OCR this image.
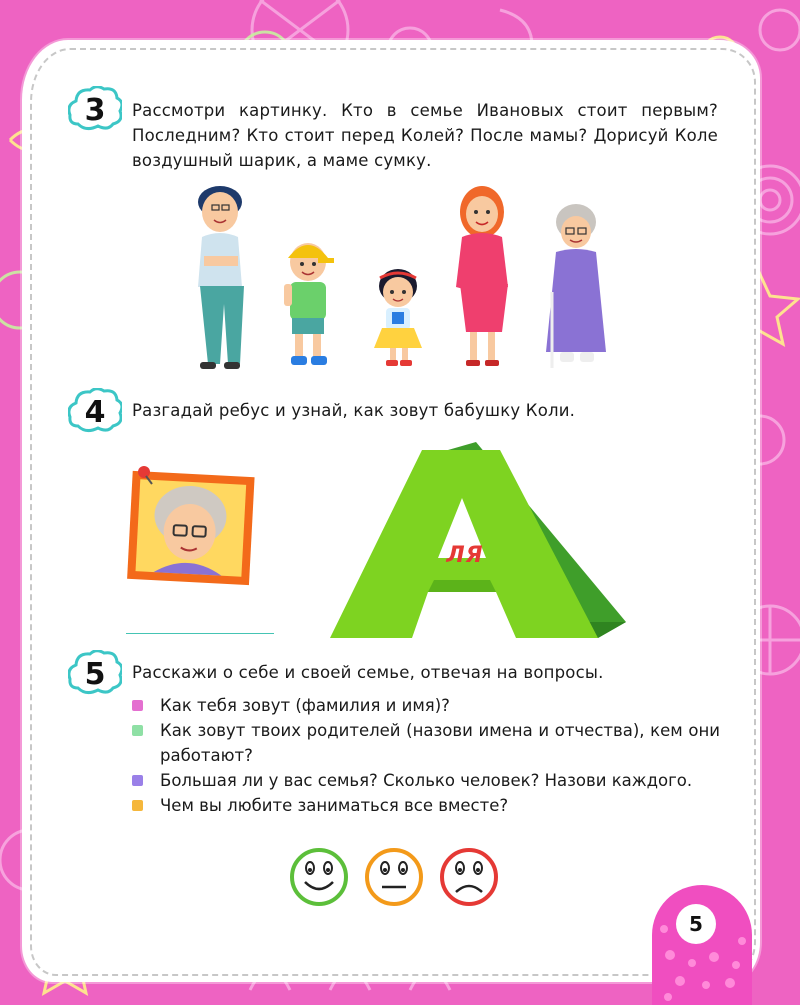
3	Рассмотри картинку. Кто в семье Ивановых стоит первым? Последним? Кто стоит перед Колей? После мамы? Дорисуй Коле воздушный шарик, а маме сумку.
4	Разгадай ребус и узнай, как зовут бабушку Коли.
ЛЯ
5	Расскажи о себе и своей семье, отвечая на вопросы.
Как тебя зовут (фамилия и имя)?
Как зовут твоих родителей (назови имена и отчества), кем они работают?
Большая ли у вас семья? Сколько человек? Назови каждого.
Чем вы любите заниматься все вместе?
5
